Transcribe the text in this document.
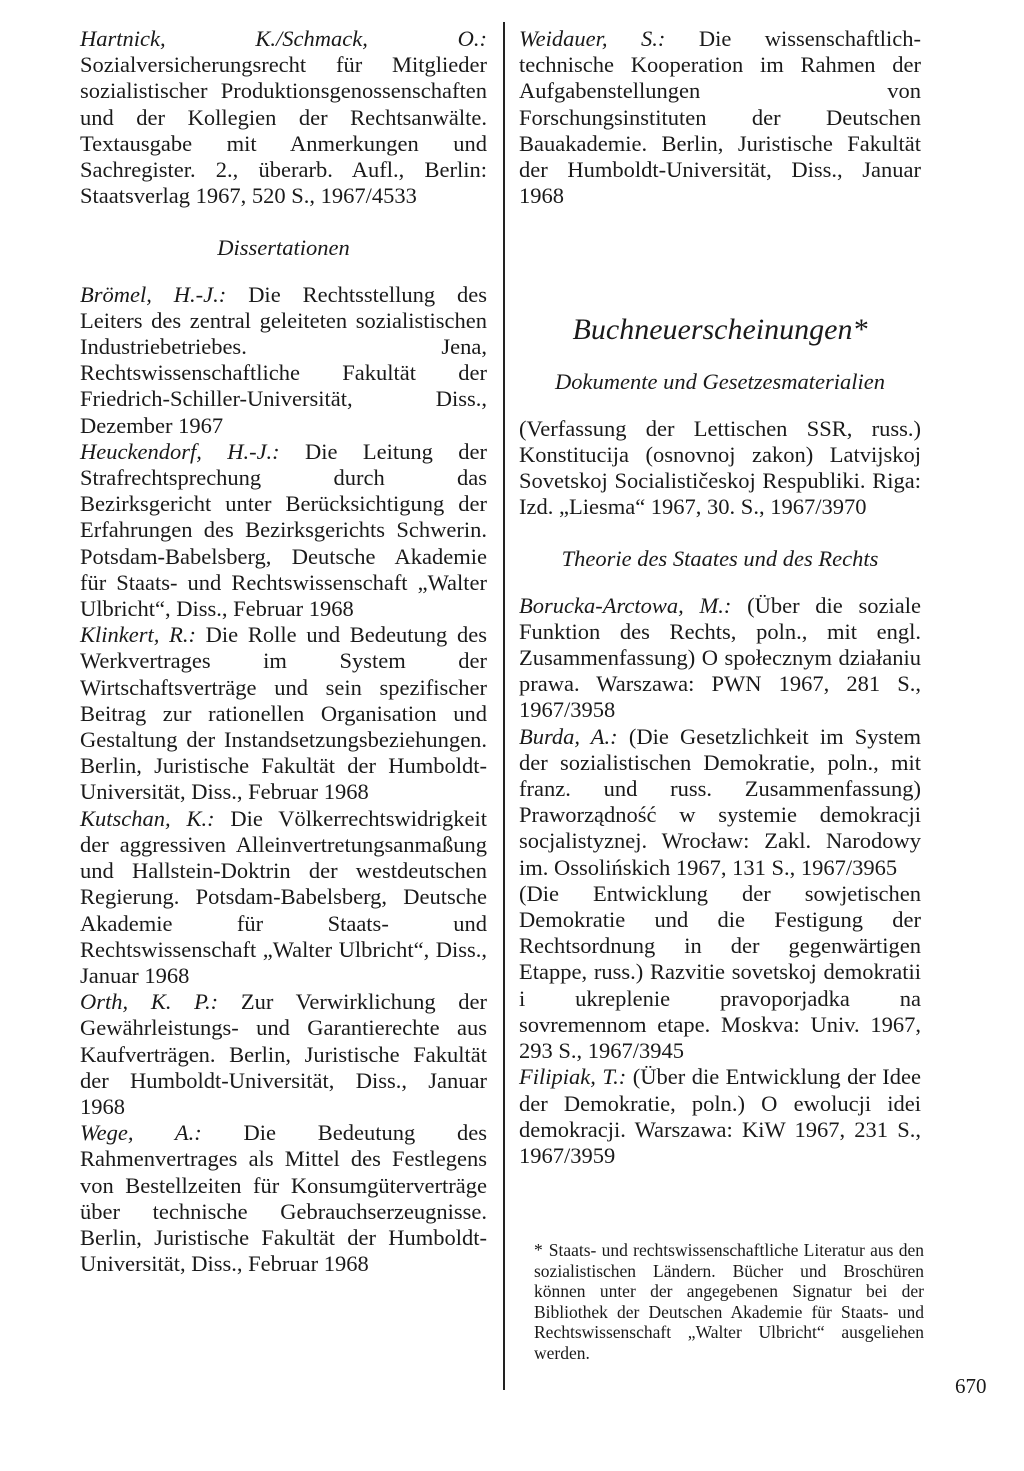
Hartnick, K./Schmack, O.: Sozialversicherungsrecht für Mitglieder sozialistischer Produktionsgenossenschaften und der Kollegien der Rechtsanwälte. Textausgabe mit Anmerkungen und Sachregister. 2., überarb. Aufl., Berlin: Staatsverlag 1967, 520 S., 1967/4533

Dissertationen

Brömel, H.-J.: Die Rechtsstellung des Leiters des zentral geleiteten sozialistischen Industriebetriebes. Jena, Rechtswissenschaftliche Fakultät der Friedrich-Schiller-Universität, Diss., Dezember 1967

Heuckendorf, H.-J.: Die Leitung der Strafrechtsprechung durch das Bezirksgericht unter Berücksichtigung der Erfahrungen des Bezirksgerichts Schwerin. Potsdam-Babelsberg, Deutsche Akademie für Staats- und Rechtswissenschaft „Walter Ulbricht“, Diss., Februar 1968

Klinkert, R.: Die Rolle und Bedeutung des Werkvertrages im System der Wirtschaftsverträge und sein spezifischer Beitrag zur rationellen Organisation und Gestaltung der Instandsetzungsbeziehungen. Berlin, Juristische Fakultät der Humboldt-Universität, Diss., Februar 1968

Kutschan, K.: Die Völkerrechtswidrigkeit der aggressiven Alleinvertretungsanmaßung und Hallstein-Doktrin der westdeutschen Regierung. Potsdam-Babelsberg, Deutsche Akademie für Staats- und Rechtswissenschaft „Walter Ulbricht“, Diss., Januar 1968

Orth, K. P.: Zur Verwirklichung der Gewährleistungs- und Garantierechte aus Kaufverträgen. Berlin, Juristische Fakultät der Humboldt-Universität, Diss., Januar 1968

Wege, A.: Die Bedeutung des Rahmenvertrages als Mittel des Festlegens von Bestellzeiten für Konsumgüterverträge über technische Gebrauchserzeugnisse. Berlin, Juristische Fakultät der Humboldt-Universität, Diss., Februar 1968

Weidauer, S.: Die wissenschaftlich-technische Kooperation im Rahmen der Aufgabenstellungen von Forschungsinstituten der Deutschen Bauakademie. Berlin, Juristische Fakultät der Humboldt-Universität, Diss., Januar 1968

Buchneuerscheinungen*

Dokumente und Gesetzesmaterialien

(Verfassung der Lettischen SSR, russ.) Konstitucija (osnovnoj zakon) Latvijskoj Sovetskoj Socialističeskoj Respubliki. Riga: Izd. „Liesma“ 1967, 30. S., 1967/3970

Theorie des Staates und des Rechts

Borucka-Arctowa, M.: (Über die soziale Funktion des Rechts, poln., mit engl. Zusammenfassung) O społecznym działaniu prawa. Warszawa: PWN 1967, 281 S., 1967/3958

Burda, A.: (Die Gesetzlichkeit im System der sozialistischen Demokratie, poln., mit franz. und russ. Zusammenfassung) Praworządność w systemie demokracji socjalistyznej. Wrocław: Zakl. Narodowy im. Ossolińskich 1967, 131 S., 1967/3965

(Die Entwicklung der sowjetischen Demokratie und die Festigung der Rechtsordnung in der gegenwärtigen Etappe, russ.) Razvitie sovetskoj demokratii i ukreplenie pravoporjadka na sovremennom etape. Moskva: Univ. 1967, 293 S., 1967/3945

Filipiak, T.: (Über die Entwicklung der Idee der Demokratie, poln.) O ewolucji idei demokracji. Warszawa: KiW 1967, 231 S., 1967/3959

* Staats- und rechtswissenschaftliche Literatur aus den sozialistischen Ländern. Bücher und Broschüren können unter der angegebenen Signatur bei der Bibliothek der Deutschen Akademie für Staats- und Rechtswissenschaft „Walter Ulbricht“ ausgeliehen werden.
670
